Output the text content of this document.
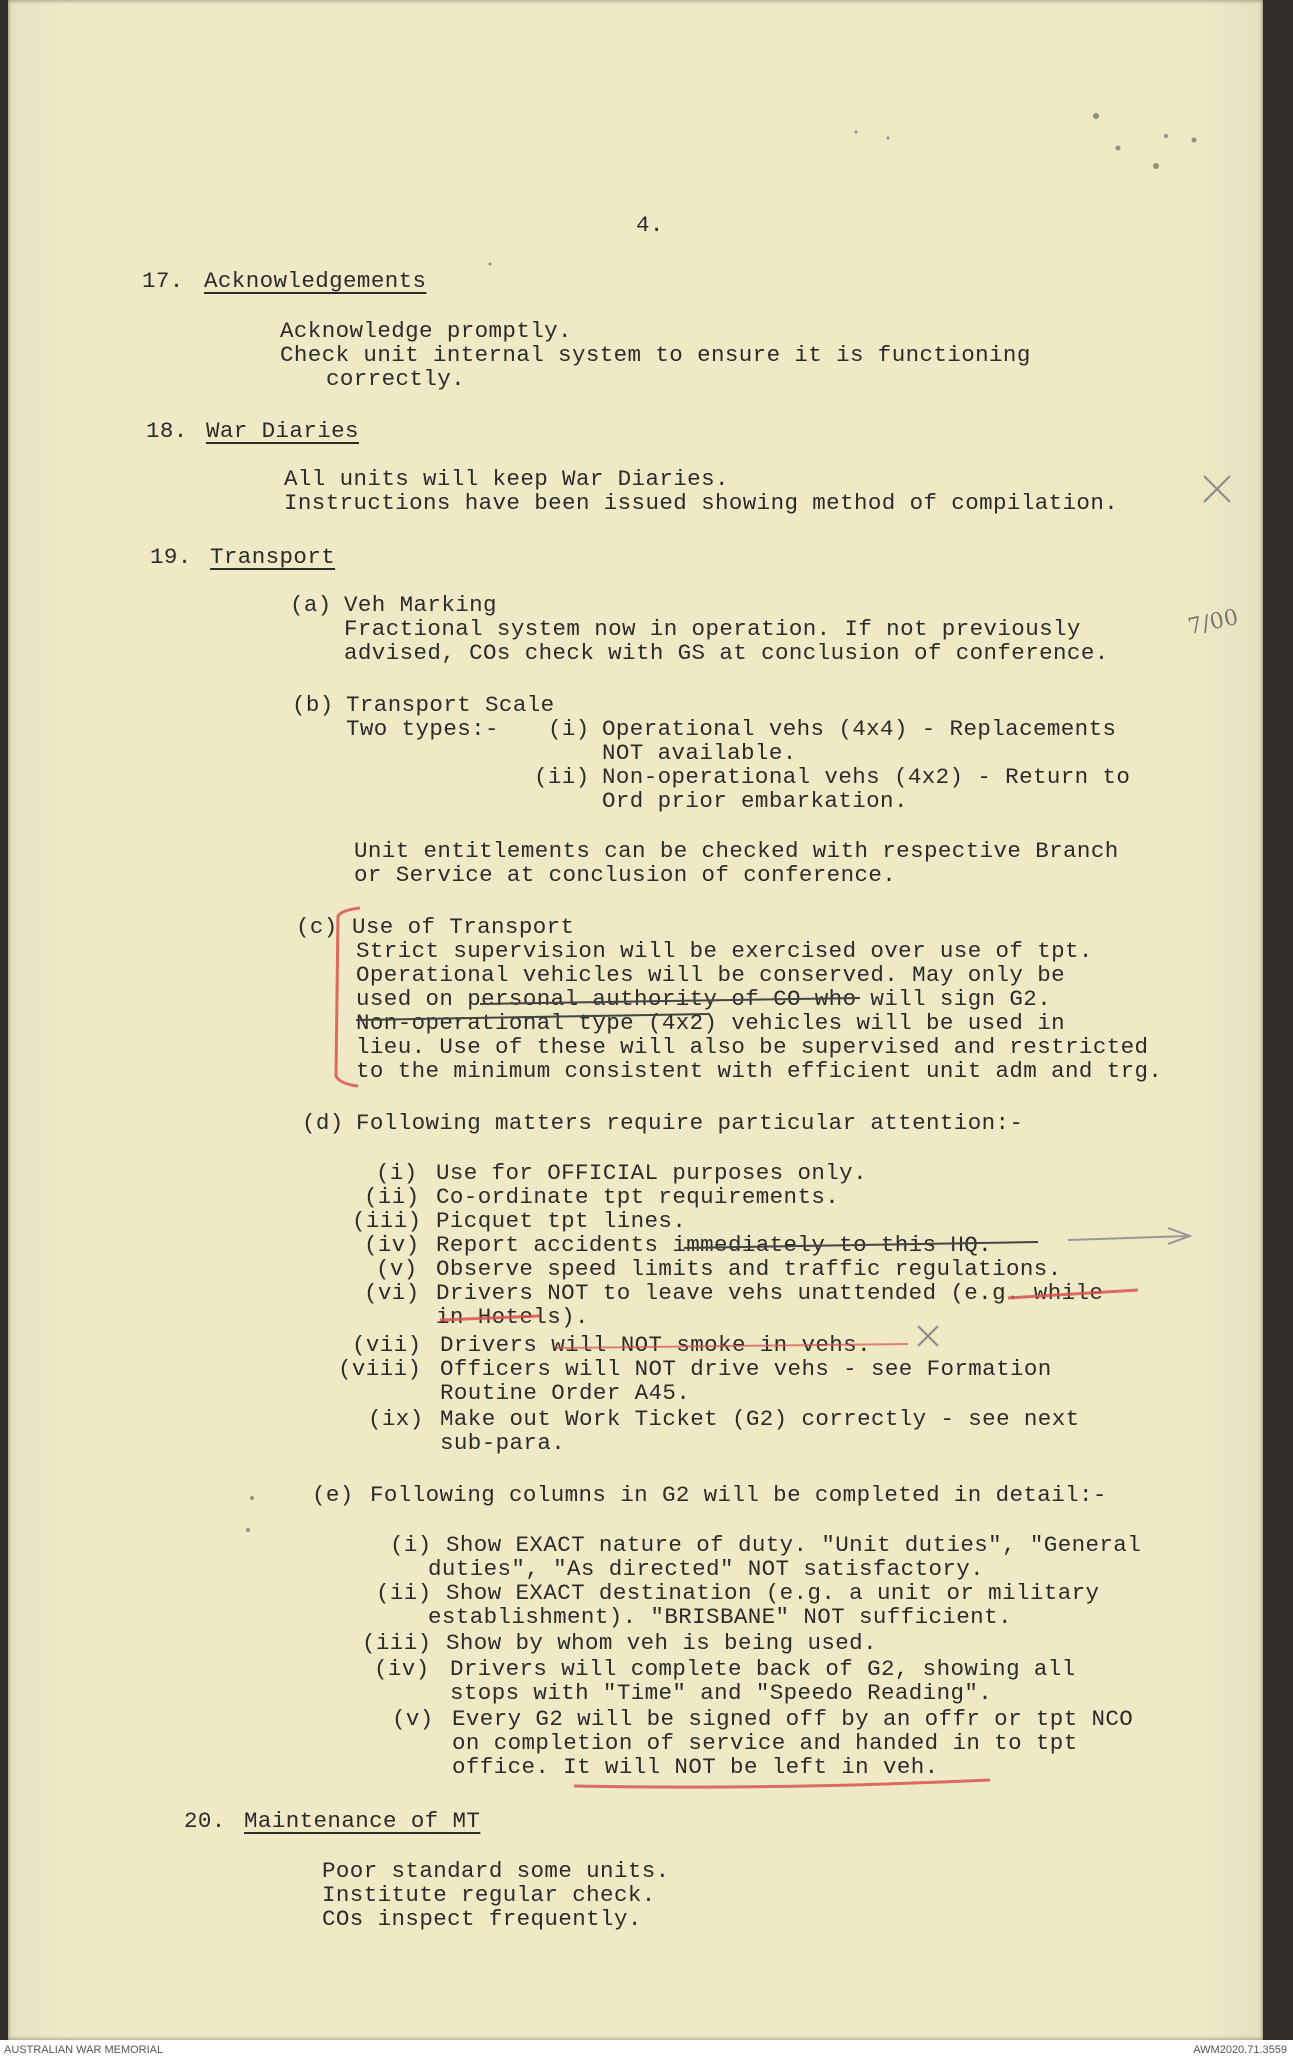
4.
17. Acknowledgements
Acknowledge promptly.
Check unit internal system to ensure it is functioning
correctly.
18. War Diaries
All units will keep War Diaries.
Instructions have been issued showing method of compilation.
19. Transport
(a) Veh Marking
Fractional system now in operation. If not previously
advised, COs check with GS at conclusion of conference.
(b) Transport Scale
Two types:- (i) Operational vehs (4x4) - Replacements
NOT available.
(ii) Non-operational vehs (4x2) - Return to
Ord prior embarkation.
Unit entitlements can be checked with respective Branch
or Service at conclusion of conference.
(c) Use of Transport
Strict supervision will be exercised over use of tpt.
Operational vehicles will be conserved. May only be
used on personal authority of CO who will sign G2.
Non-operational type (4x2) vehicles will be used in
lieu. Use of these will also be supervised and restricted
to the minimum consistent with efficient unit adm and trg.
(d) Following matters require particular attention:-
(i) Use for OFFICIAL purposes only.
(ii) Co-ordinate tpt requirements.
(iii) Picquet tpt lines.
(iv) Report accidents immediately to this HQ.
(v) Observe speed limits and traffic regulations.
(vi) Drivers NOT to leave vehs unattended (e.g. while
in Hotels).
(vii) Drivers will NOT smoke in vehs.
(viii) Officers will NOT drive vehs - see Formation
Routine Order A45.
(ix) Make out Work Ticket (G2) correctly - see next
sub-para.
(e) Following columns in G2 will be completed in detail:-
(i) Show EXACT nature of duty. "Unit duties", "General
duties", "As directed" NOT satisfactory.
(ii) Show EXACT destination (e.g. a unit or military
establishment). "BRISBANE" NOT sufficient.
(iii) Show by whom veh is being used.
(iv) Drivers will complete back of G2, showing all
stops with "Time" and "Speedo Reading".
(v) Every G2 will be signed off by an offr or tpt NCO
on completion of service and handed in to tpt
office. It will NOT be left in veh.
20. Maintenance of MT
Poor standard some units.
Institute regular check.
COs inspect frequently.
7/00
AUSTRALIAN WAR MEMORIAL	AWM2020.71.3559
